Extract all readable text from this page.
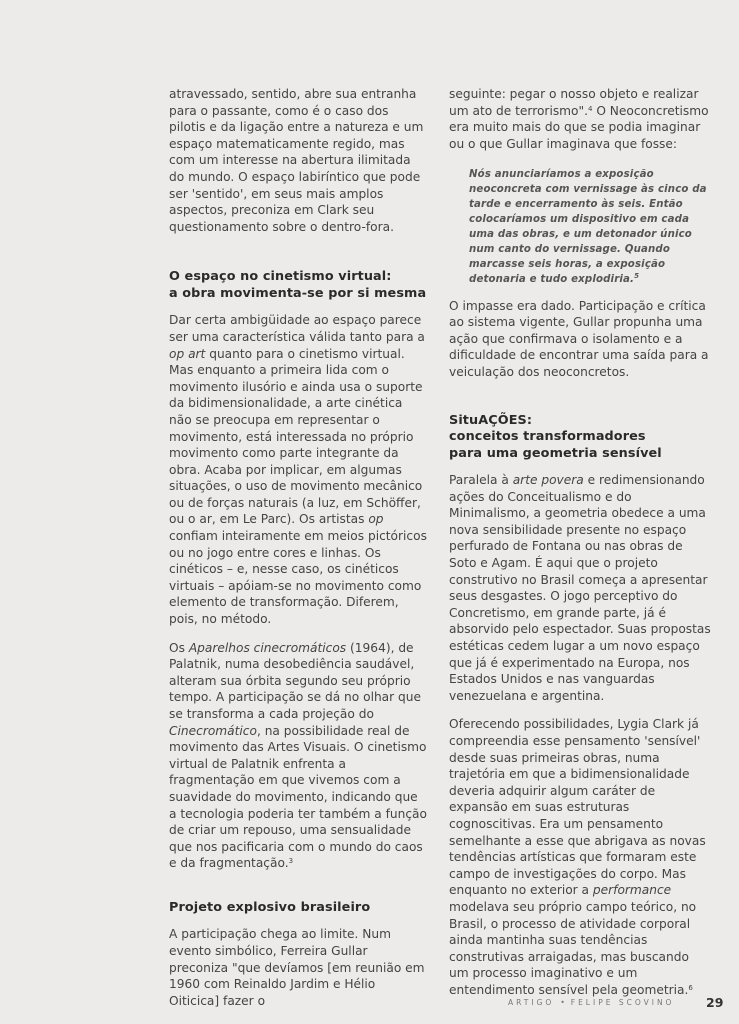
atravessado, sentido, abre sua entranha para o passante, como é o caso dos pilotis e da ligação entre a natureza e um espaço matematicamente regido, mas com um interesse na abertura ilimitada do mundo. O espaço labiríntico que pode ser 'sentido', em seus mais amplos aspectos, preconiza em Clark seu questionamento sobre o dentro-fora.

O espaço no cinetismo virtual:
a obra movimenta-se por si mesma

Dar certa ambigüidade ao espaço parece ser uma característica válida tanto para a op art quanto para o cinetismo virtual. Mas enquanto a primeira lida com o movimento ilusório e ainda usa o suporte da bidimensionalidade, a arte cinética não se preocupa em representar o movimento, está interessada no próprio movimento como parte integrante da obra. Acaba por implicar, em algumas situações, o uso de movimento mecânico ou de forças naturais (a luz, em Schöffer, ou o ar, em Le Parc). Os artistas op confiam inteiramente em meios pictóricos ou no jogo entre cores e linhas. Os cinéticos – e, nesse caso, os cinéticos virtuais – apóiam-se no movimento como elemento de transformação. Diferem, pois, no método.

Os Aparelhos cinecromáticos (1964), de Palatnik, numa desobediência saudável, alteram sua órbita segundo seu próprio tempo. A participação se dá no olhar que se transforma a cada projeção do Cinecromático, na possibilidade real de movimento das Artes Visuais. O cinetismo virtual de Palatnik enfrenta a fragmentação em que vivemos com a suavidade do movimento, indicando que a tecnologia poderia ter também a função de criar um repouso, uma sensualidade que nos pacificaria com o mundo do caos e da fragmentação.$^3$

Projeto explosivo brasileiro

A participação chega ao limite. Num evento simbólico, Ferreira Gullar preconiza "que devíamos [em reunião em 1960 com Reinaldo Jardim e Hélio Oiticica] fazer o

seguinte: pegar o nosso objeto e realizar um ato de terrorismo".$^4$ O Neoconcretismo era muito mais do que se podia imaginar ou o que Gullar imaginava que fosse:

Nós anunciaríamos a exposição neoconcreta com vernissage às cinco da tarde e encerramento às seis. Então colocaríamos um dispositivo em cada uma das obras, e um detonador único num canto do vernissage. Quando marcasse seis horas, a exposição detonaria e tudo explodiria.$^5$

O impasse era dado. Participação e crítica ao sistema vigente, Gullar propunha uma ação que confirmava o isolamento e a dificuldade de encontrar uma saída para a veiculação dos neoconcretos.

SituAÇÕES:
conceitos transformadores
para uma geometria sensível

Paralela à arte povera e redimensionando ações do Conceitualismo e do Minimalismo, a geometria obedece a uma nova sensibilidade presente no espaço perfurado de Fontana ou nas obras de Soto e Agam. É aqui que o projeto construtivo no Brasil começa a apresentar seus desgastes. O jogo perceptivo do Concretismo, em grande parte, já é absorvido pelo espectador. Suas propostas estéticas cedem lugar a um novo espaço que já é experimentado na Europa, nos Estados Unidos e nas vanguardas venezuelana e argentina.

Oferecendo possibilidades, Lygia Clark já compreendia esse pensamento 'sensível' desde suas primeiras obras, numa trajetória em que a bidimensionalidade deveria adquirir algum caráter de expansão em suas estruturas cognoscitivas. Era um pensamento semelhante a esse que abrigava as novas tendências artísticas que formaram este campo de investigações do corpo. Mas enquanto no exterior a performance modelava seu próprio campo teórico, no Brasil, o processo de atividade corporal ainda mantinha suas tendências construtivas arraigadas, mas buscando um processo imaginativo e um entendimento sensível pela geometria.$^6$

ARTIGO • FELIPE SCOVINO	29
